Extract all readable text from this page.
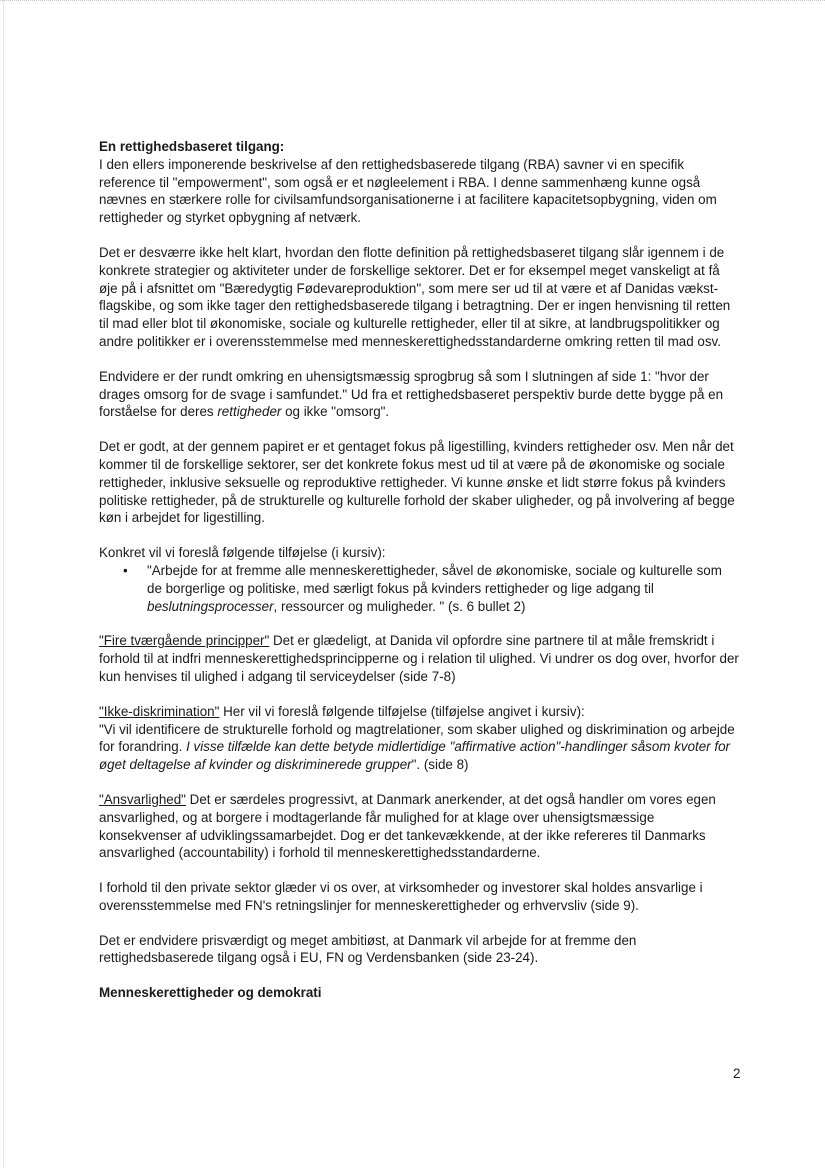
En rettighedsbaseret tilgang:
I den ellers imponerende beskrivelse af den rettighedsbaserede tilgang (RBA) savner vi en specifik reference til "empowerment", som også er et nøgleelement i RBA. I denne sammenhæng kunne også nævnes en stærkere rolle for civilsamfundsorganisationerne i at facilitere kapacitetsopbygning, viden om rettigheder og styrket opbygning af netværk.

Det er desværre ikke helt klart, hvordan den flotte definition på rettighedsbaseret tilgang slår igennem i de konkrete strategier og aktiviteter under de forskellige sektorer. Det er for eksempel meget vanskeligt at få øje på i afsnittet om "Bæredygtig Fødevareproduktion", som mere ser ud til at være et af Danidas vækst-flagskibe, og som ikke tager den rettighedsbaserede tilgang i betragtning. Der er ingen henvisning til retten til mad eller blot til økonomiske, sociale og kulturelle rettigheder, eller til at sikre, at landbrugspolitikker og andre politikker er i overensstemmelse med menneskerettighedsstandarderne omkring retten til mad osv.

Endvidere er der rundt omkring en uhensigtsmæssig sprogbrug så som I slutningen af side 1: "hvor der drages omsorg for de svage i samfundet." Ud fra et rettighedsbaseret perspektiv burde dette bygge på en forståelse for deres rettigheder og ikke "omsorg".

Det er godt, at der gennem papiret er et gentaget fokus på ligestilling, kvinders rettigheder osv. Men når det kommer til de forskellige sektorer, ser det konkrete fokus mest ud til at være på de økonomiske og sociale rettigheder, inklusive seksuelle og reproduktive rettigheder. Vi kunne ønske et lidt større fokus på kvinders politiske rettigheder, på de strukturelle og kulturelle forhold der skaber uligheder, og på involvering af begge køn i arbejdet for ligestilling.

Konkret vil vi foreslå følgende tilføjelse (i kursiv):

• "Arbejde for at fremme alle menneskerettigheder, såvel de økonomiske, sociale og kulturelle som de borgerlige og politiske, med særligt fokus på kvinders rettigheder og lige adgang til beslutningsprocesser, ressourcer og muligheder. " (s. 6 bullet 2)

"Fire tværgående principper" Det er glædeligt, at Danida vil opfordre sine partnere til at måle fremskridt i forhold til at indfri menneskerettighedsprincipperne og i relation til ulighed. Vi undrer os dog over, hvorfor der kun henvises til ulighed i adgang til serviceydelser (side 7-8)

"Ikke-diskrimination" Her vil vi foreslå følgende tilføjelse (tilføjelse angivet i kursiv):
"Vi vil identificere de strukturelle forhold og magtrelationer, som skaber ulighed og diskrimination og arbejde for forandring. I visse tilfælde kan dette betyde midlertidige "affirmative action"-handlinger såsom kvoter for øget deltagelse af kvinder og diskriminerede grupper". (side 8)

"Ansvarlighed" Det er særdeles progressivt, at Danmark anerkender, at det også handler om vores egen ansvarlighed, og at borgere i modtagerlande får mulighed for at klage over uhensigtsmæssige konsekvenser af udviklingssamarbejdet. Dog er det tankevækkende, at der ikke refereres til Danmarks ansvarlighed (accountability) i forhold til menneskerettighedsstandarderne.

I forhold til den private sektor glæder vi os over, at virksomheder og investorer skal holdes ansvarlige i overensstemmelse med FN's retningslinjer for menneskerettigheder og erhvervsliv (side 9).

Det er endvidere prisværdigt og meget ambitiøst, at Danmark vil arbejde for at fremme den rettighedsbaserede tilgang også i EU, FN og Verdensbanken (side 23-24).

Menneskerettigheder og demokrati

2
